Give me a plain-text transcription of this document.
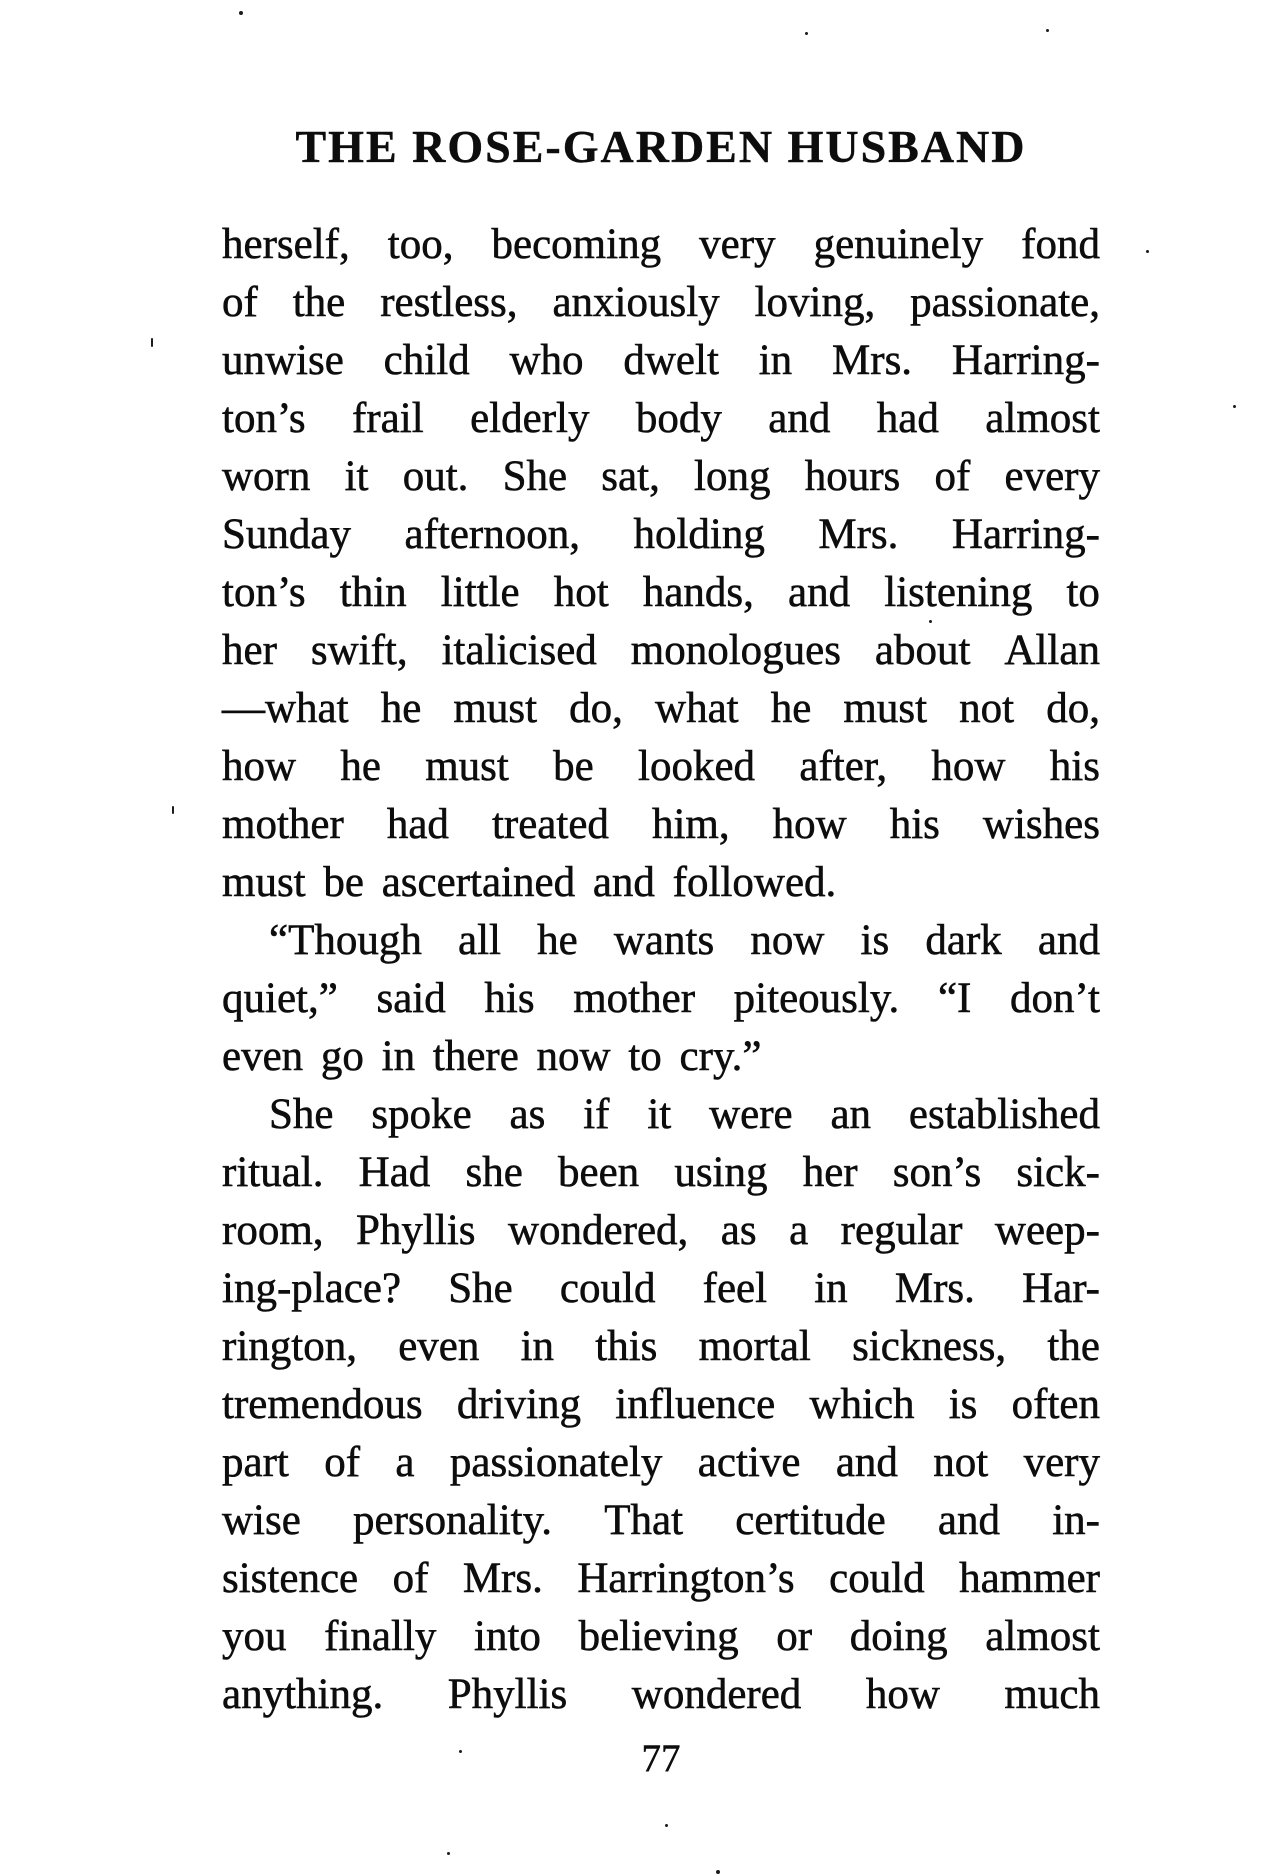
THE ROSE-GARDEN HUSBAND
herself, too, becoming very genuinely fond
of the restless, anxiously loving, passionate,
unwise child who dwelt in Mrs. Harring-
ton’s frail elderly body and had almost
worn it out. She sat, long hours of every
Sunday afternoon, holding Mrs. Harring-
ton’s thin little hot hands, and listening to
her swift, italicised monologues about Allan
—what he must do, what he must not do,
how he must be looked after, how his
mother had treated him, how his wishes
must be ascertained and followed.
“Though all he wants now is dark and
quiet,” said his mother piteously. “I don’t
even go in there now to cry.”
She spoke as if it were an established
ritual. Had she been using her son’s sick-
room, Phyllis wondered, as a regular weep-
ing-place? She could feel in Mrs. Har-
rington, even in this mortal sickness, the
tremendous driving influence which is often
part of a passionately active and not very
wise personality. That certitude and in-
sistence of Mrs. Harrington’s could hammer
you finally into believing or doing almost
anything. Phyllis wondered how much
77
